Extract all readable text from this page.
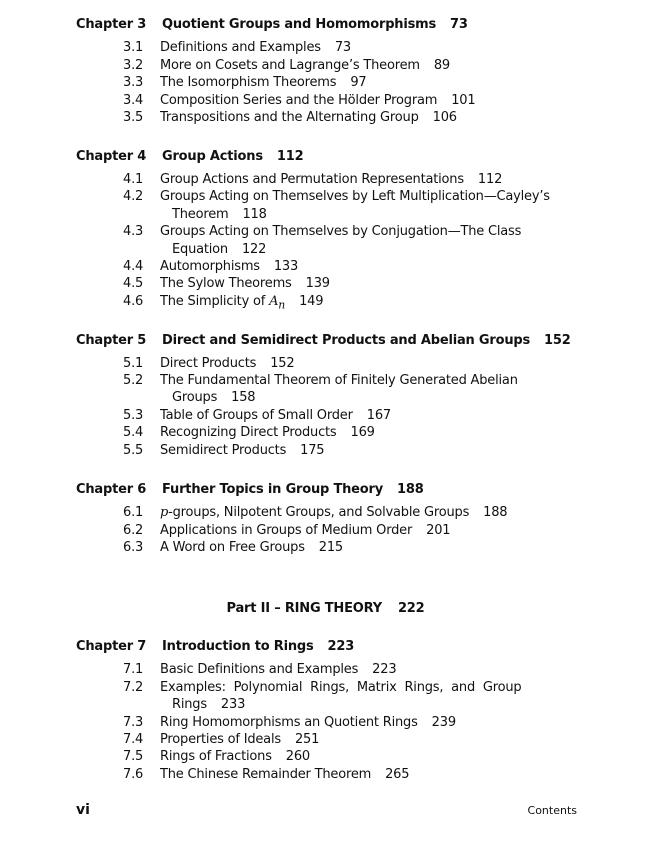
Chapter 3 Quotient Groups and Homomorphisms 73
3.1 Definitions and Examples 73
3.2 More on Cosets and Lagrange’s Theorem 89
3.3 The Isomorphism Theorems 97
3.4 Composition Series and the Hölder Program 101
3.5 Transpositions and the Alternating Group 106
Chapter 4 Group Actions 112
4.1 Group Actions and Permutation Representations 112
4.2 Groups Acting on Themselves by Left Multiplication—Cayley’s
Theorem 118
4.3 Groups Acting on Themselves by Conjugation—The Class
Equation 122
4.4 Automorphisms 133
4.5 The Sylow Theorems 139
4.6 The Simplicity of $A_n$ 149
Chapter 5 Direct and Semidirect Products and Abelian Groups 152
5.1 Direct Products 152
5.2 The Fundamental Theorem of Finitely Generated Abelian
Groups 158
5.3 Table of Groups of Small Order 167
5.4 Recognizing Direct Products 169
5.5 Semidirect Products 175
Chapter 6 Further Topics in Group Theory 188
6.1 p-groups, Nilpotent Groups, and Solvable Groups 188
6.2 Applications in Groups of Medium Order 201
6.3 A Word on Free Groups 215
Part II – RING THEORY 222
Chapter 7 Introduction to Rings 223
7.1 Basic Definitions and Examples 223
7.2 Examples:  Polynomial  Rings,  Matrix  Rings,  and  Group
Rings 233
7.3 Ring Homomorphisms an Quotient Rings 239
7.4 Properties of Ideals 251
7.5 Rings of Fractions 260
7.6 The Chinese Remainder Theorem 265
vi	Contents
